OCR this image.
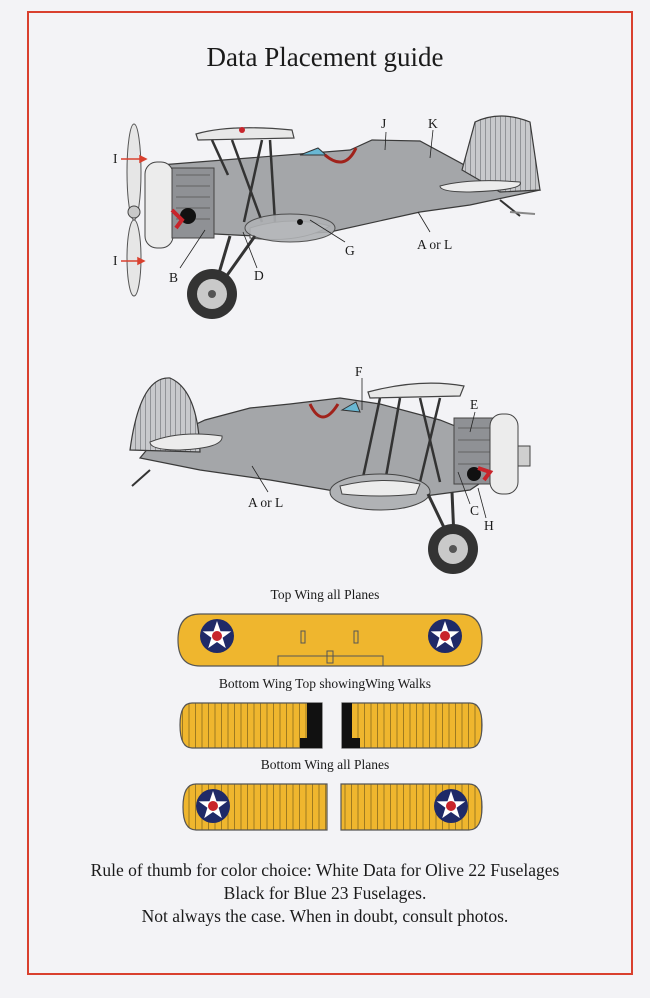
Data Placement guide
J	K
I
I
B	D
G	A or L
F
E
A or L
C
H
Top Wing all Planes
Bottom Wing Top showingWing Walks
Bottom Wing all Planes
Rule of thumb for color choice: White Data for Olive 22 Fuselages
Black for Blue 23 Fuselages.
Not always the case. When in doubt, consult photos.
